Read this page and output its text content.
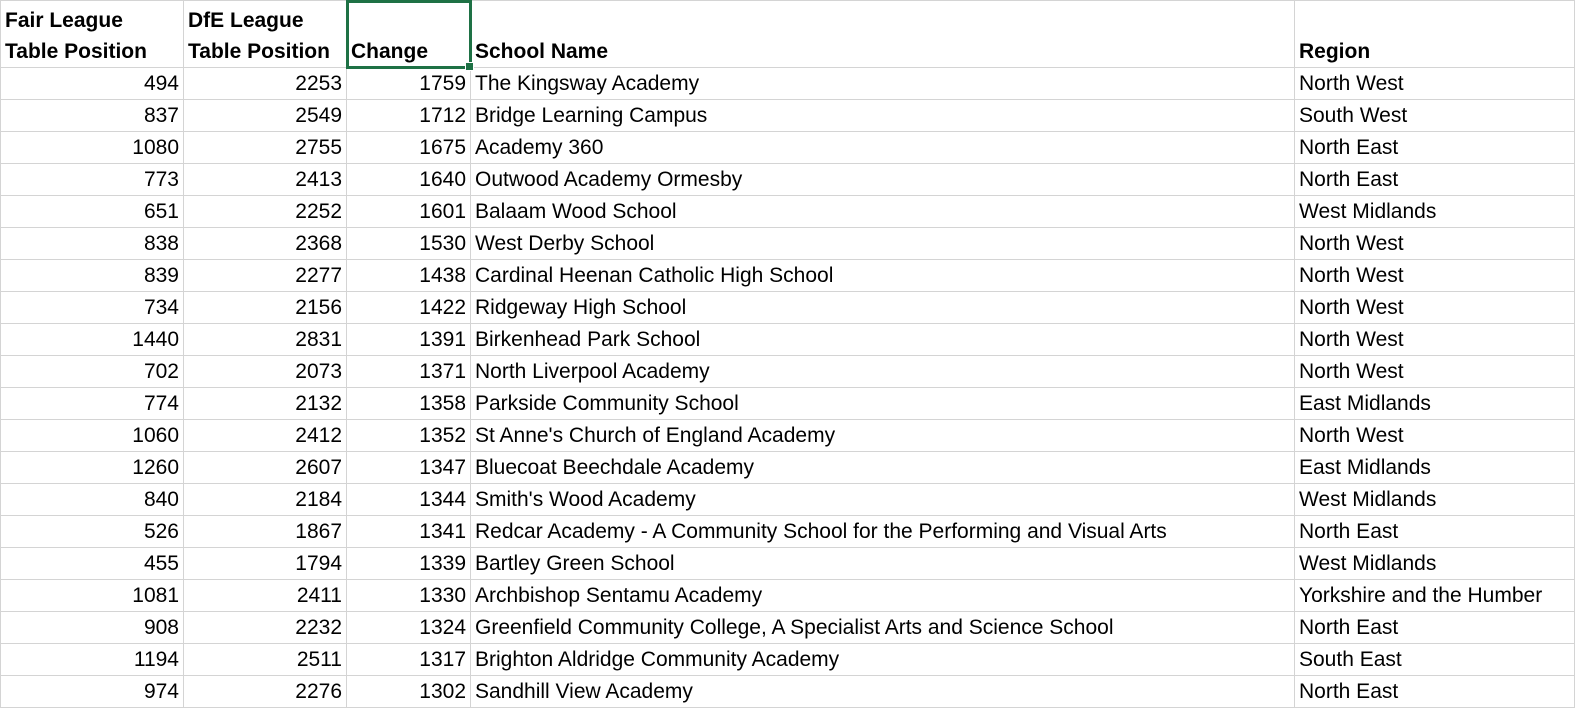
Fair League Table Position	DfE League Table Position	Change	School Name	Region
494	2253	1759	The Kingsway Academy	North West
837	2549	1712	Bridge Learning Campus	South West
1080	2755	1675	Academy 360	North East
773	2413	1640	Outwood Academy Ormesby	North East
651	2252	1601	Balaam Wood School	West Midlands
838	2368	1530	West Derby School	North West
839	2277	1438	Cardinal Heenan Catholic High School	North West
734	2156	1422	Ridgeway High School	North West
1440	2831	1391	Birkenhead Park School	North West
702	2073	1371	North Liverpool Academy	North West
774	2132	1358	Parkside Community School	East Midlands
1060	2412	1352	St Anne's Church of England Academy	North West
1260	2607	1347	Bluecoat Beechdale Academy	East Midlands
840	2184	1344	Smith's Wood Academy	West Midlands
526	1867	1341	Redcar Academy - A Community School for the Performing and Visual Arts	North East
455	1794	1339	Bartley Green School	West Midlands
1081	2411	1330	Archbishop Sentamu Academy	Yorkshire and the Humber
908	2232	1324	Greenfield Community College, A Specialist Arts and Science School	North East
1194	2511	1317	Brighton Aldridge Community Academy	South East
974	2276	1302	Sandhill View Academy	North East
